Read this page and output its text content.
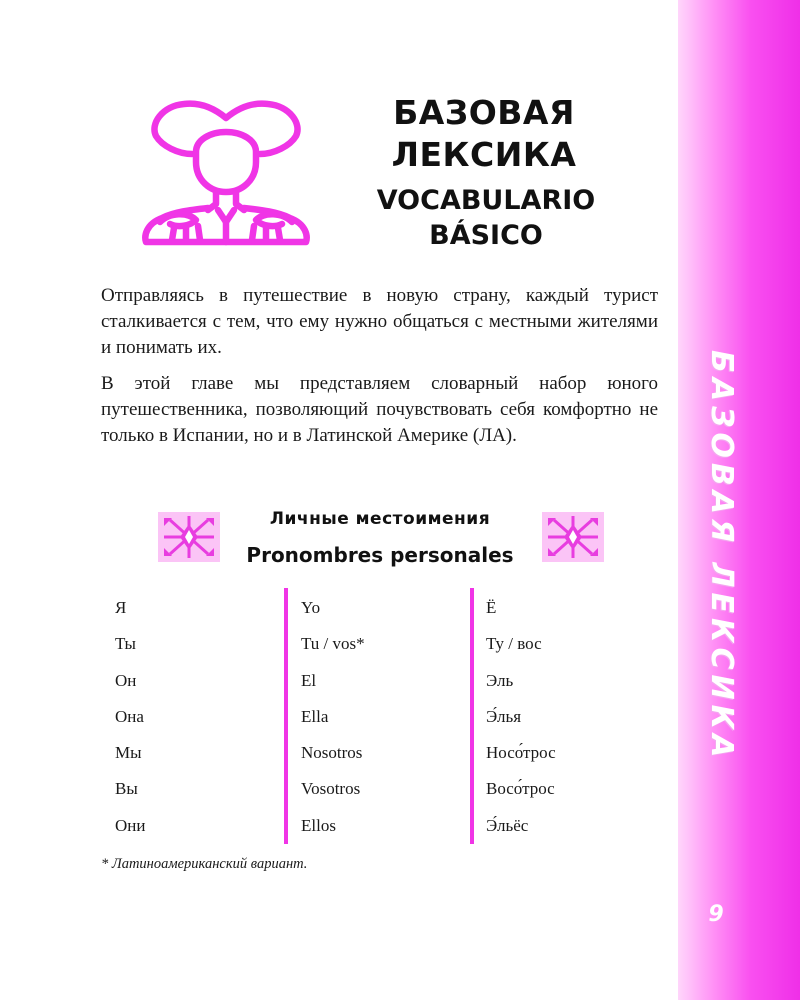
БАЗОВАЯ ЛЕКСИКА
9
БАЗОВАЯ
ЛЕКСИКА
VOCABULARIO
BÁSICO

Отправляясь в путешествие в новую страну, каждый турист сталкивается с тем, что ему нужно общаться с местными жителями и понимать их.

В этой главе мы представляем словарный набор юного путешественника, позволяющий почувствовать себя комфортно не только в Испании, но и в Латинской Америке (ЛА).

Личные местоимения
Pronombres personales
Я
Ты
Он
Она
Мы
Вы
Они
Yo
Tu / vos*
El
Ella
Nosotros
Vosotros
Ellos
Ё
Ту / вос
Эль
Э́лья
Носо́трос
Восо́трос
Э́льёс
* Латиноамериканский вариант.
